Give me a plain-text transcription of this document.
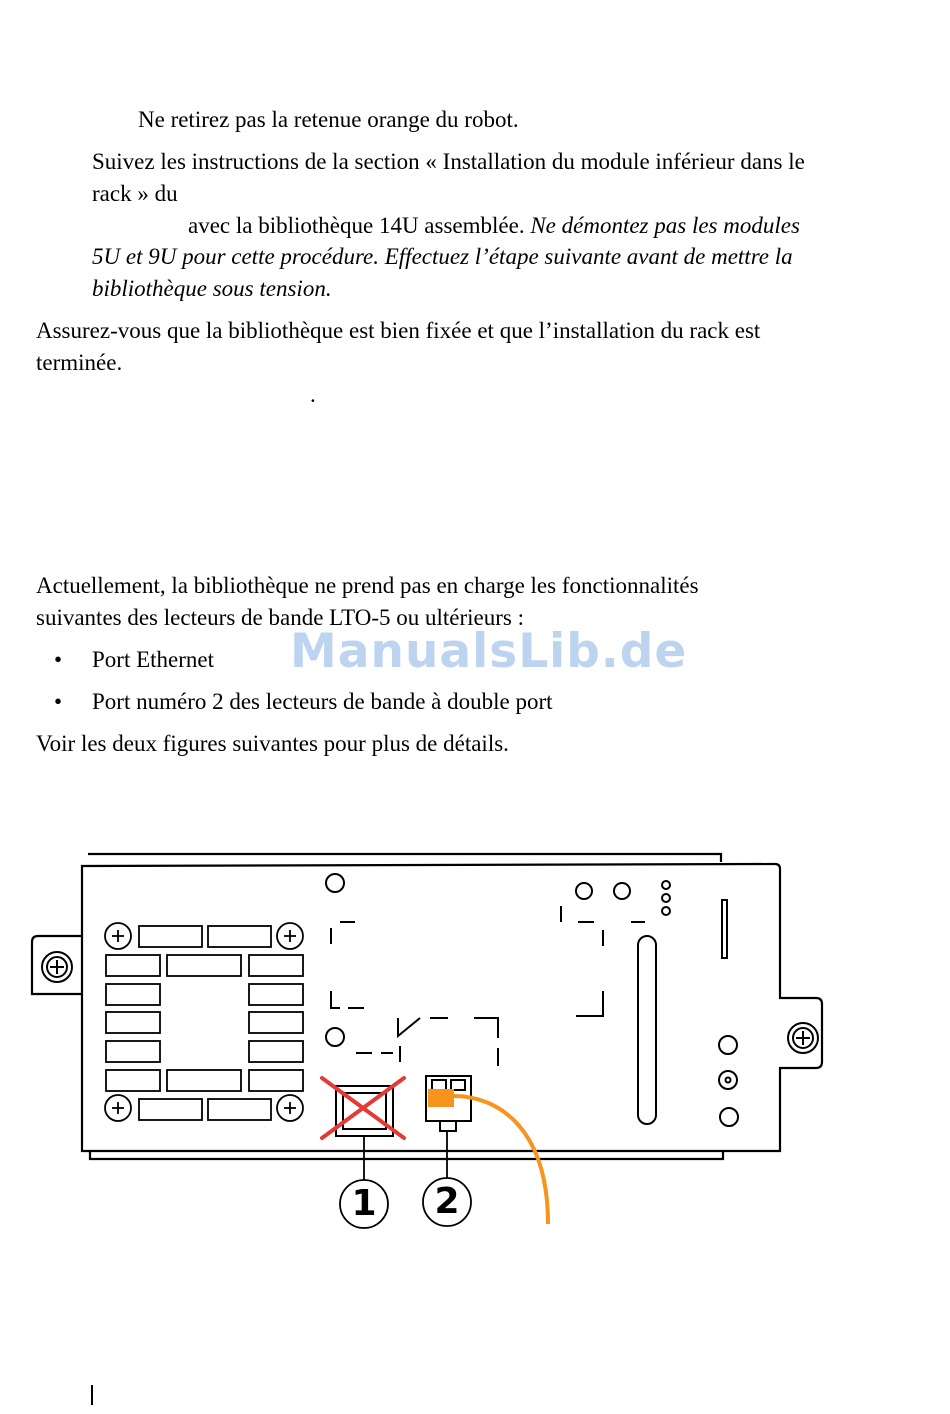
Ne retirez pas la retenue orange du robot.
Suivez les instructions de la section « Installation du module inférieur dans le
rack » du
avec la bibliothèque 14U assemblée. Ne démontez pas les modules
5U et 9U pour cette procédure. Effectuez l’étape suivante avant de mettre la
bibliothèque sous tension.
Assurez-vous que la bibliothèque est bien fixée et que l’installation du rack est
terminée.
.
Actuellement, la bibliothèque ne prend pas en charge les fonctionnalités
suivantes des lecteurs de bande LTO-5 ou ultérieurs :
• Port Ethernet
• Port numéro 2 des lecteurs de bande à double port
Voir les deux figures suivantes pour plus de détails.
ManualsLib.de
1	2
